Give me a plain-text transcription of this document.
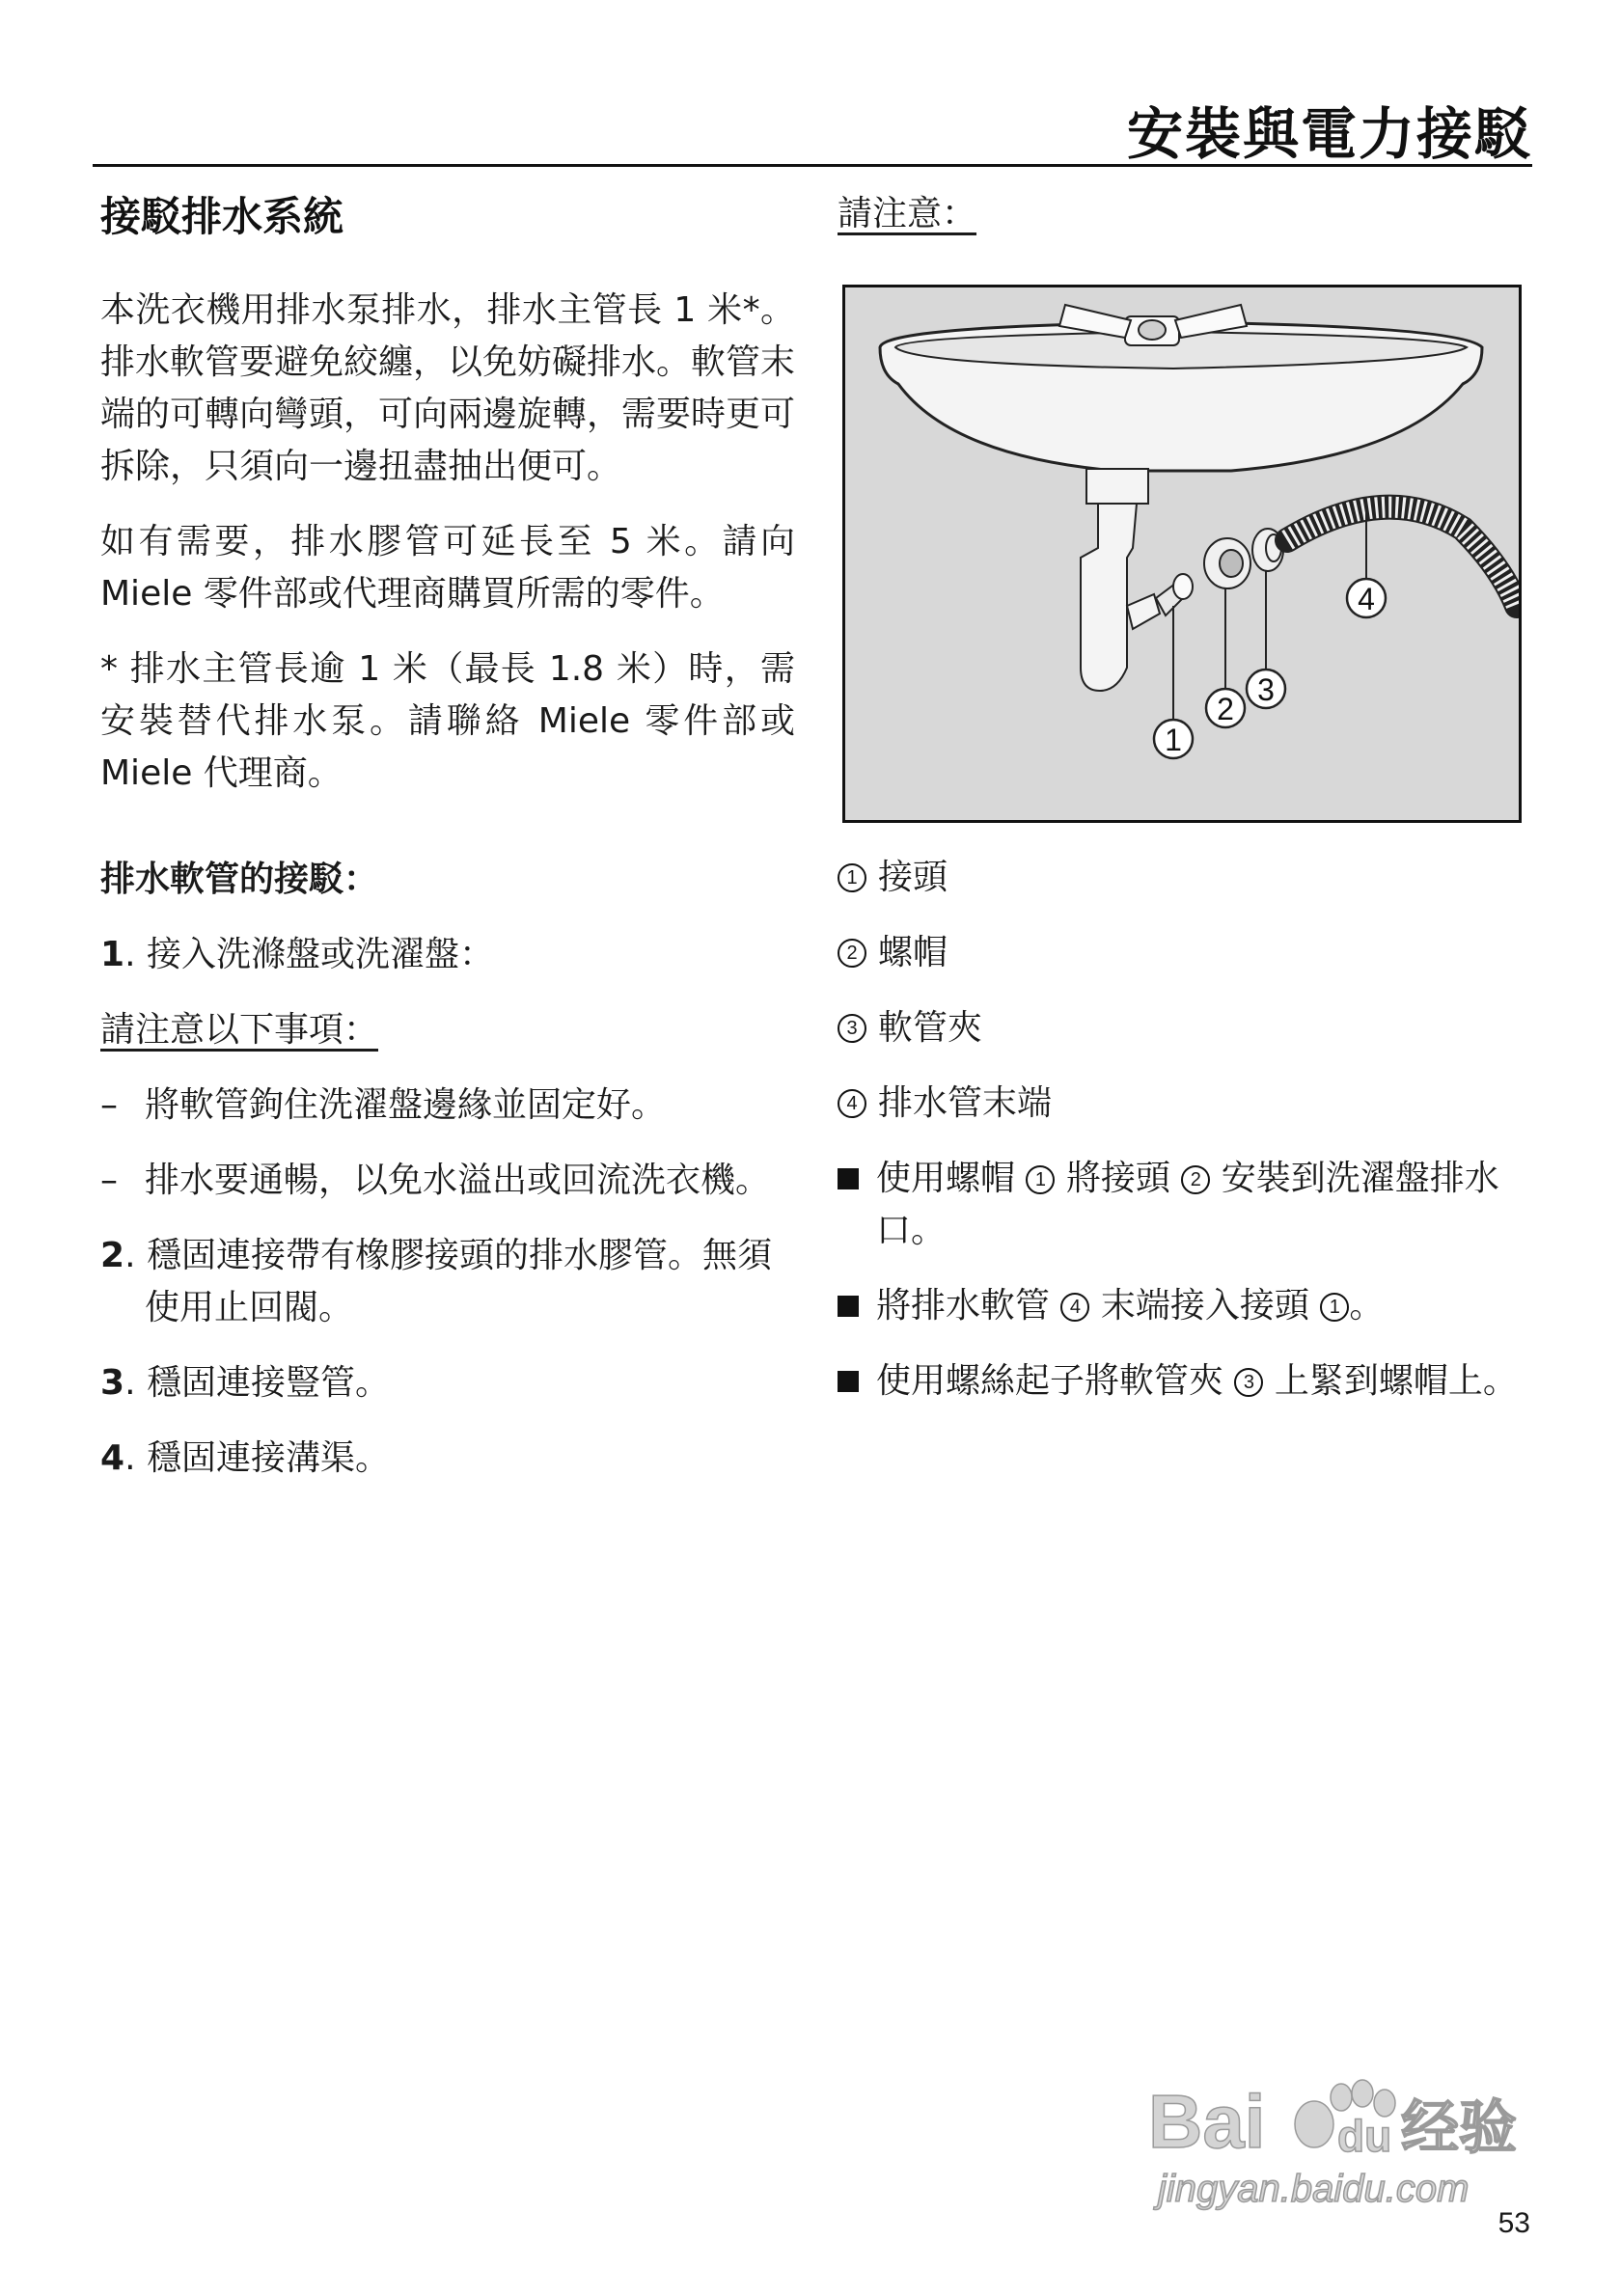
安裝與電力接駁
接駁排水系統

本洗衣機用排水泵排水，排水主管長 1 米*。排水軟管要避免絞纏，以免妨礙排水。軟管末端的可轉向彎頭，可向兩邊旋轉，需要時更可拆除，只須向一邊扭盡抽出便可。

如有需要，排水膠管可延長至 5 米。請向 Miele 零件部或代理商購買所需的零件。

* 排水主管長逾 1 米（最長 1.8 米）時，需安裝替代排水泵。請聯絡 Miele 零件部或 Miele 代理商。

排水軟管的接駁：
1. 接入洗滌盤或洗濯盤：
請注意以下事項：
– 將軟管鉤住洗濯盤邊緣並固定好。
– 排水要通暢，以免水溢出或回流洗衣機。
2. 穩固連接帶有橡膠接頭的排水膠管。無須使用止回閥。
3. 穩固連接豎管。
4. 穩固連接溝渠。
請注意：
1
2
3
4
1 接頭
2 螺帽
3 軟管夾
4 排水管末端
使用螺帽 1 將接頭 2 安裝到洗濯盤排水口。
將排水軟管 4 末端接入接頭 1 。
使用螺絲起子將軟管夾 3 上緊到螺帽上。
Bai du 经验
jingyan.baidu.com
53
